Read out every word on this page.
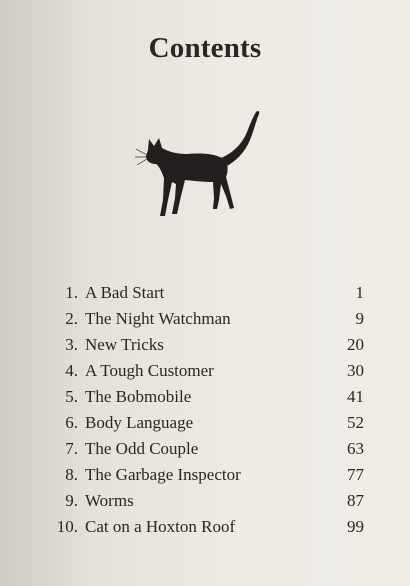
Contents
1. A Bad Start	1
2. The Night Watchman	9
3. New Tricks	20
4. A Tough Customer	30
5. The Bobmobile	41
6. Body Language	52
7. The Odd Couple	63
8. The Garbage Inspector	77
9. Worms	87
10. Cat on a Hoxton Roof	99
